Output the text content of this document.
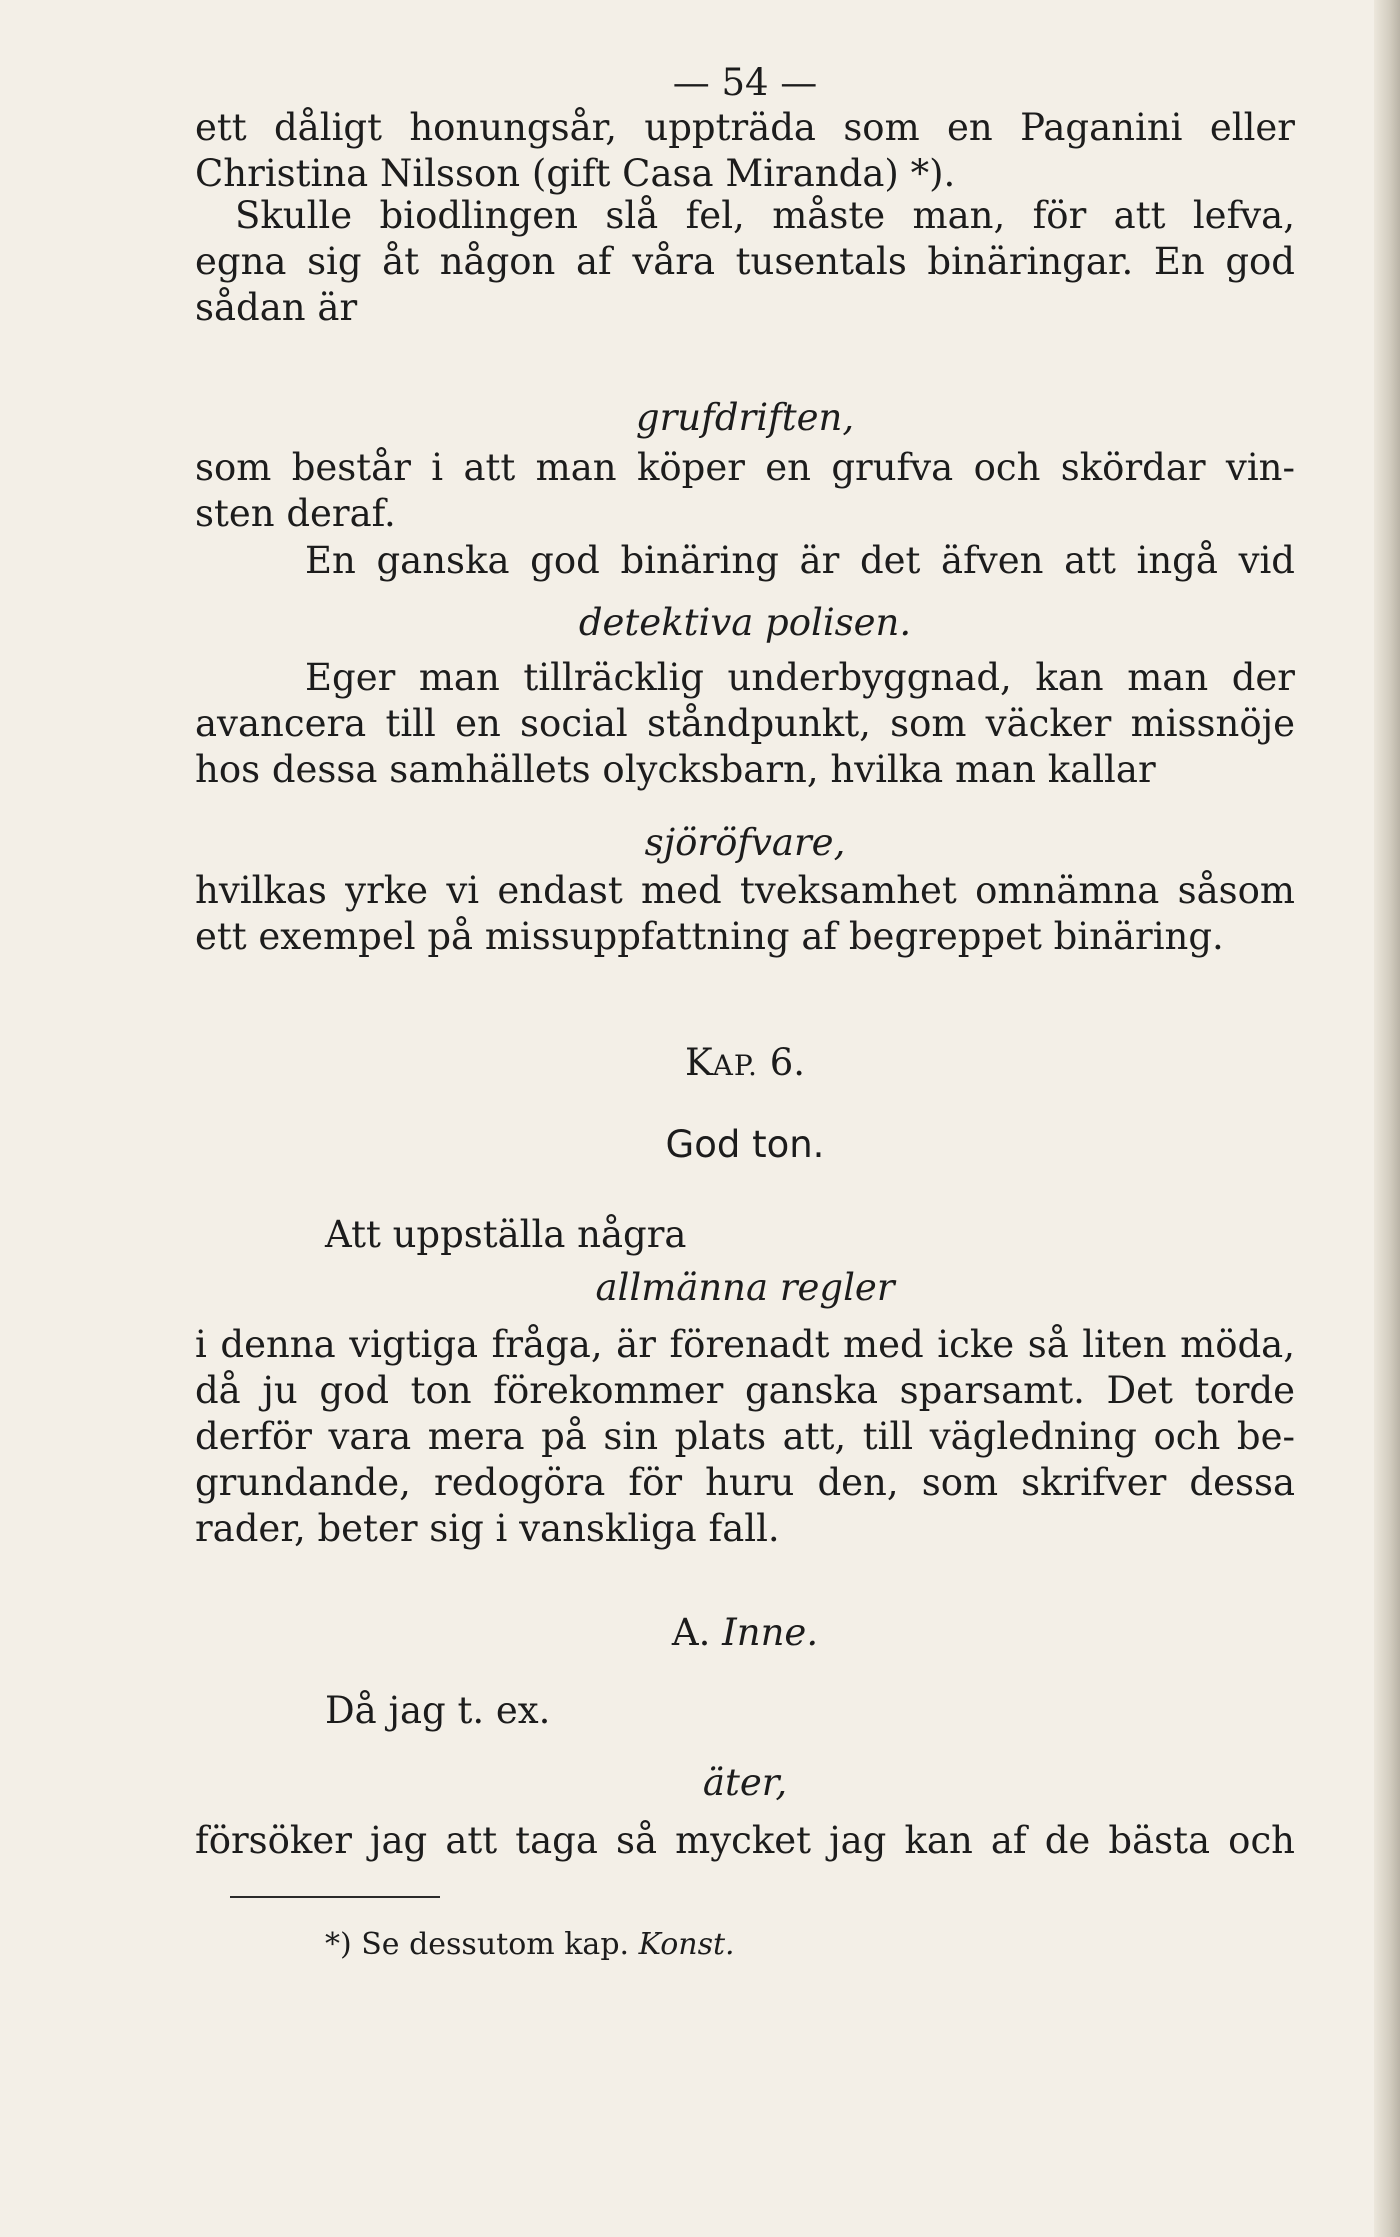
— 54 —
ett dåligt honungsår, uppträda som en Paganini eller
Christina Nilsson (gift Casa Miranda) *).
Skulle biodlingen slå fel, måste man, för att lefva,
egna sig åt någon af våra tusentals binäringar. En god
sådan är
grufdriften,
som består i att man köper en grufva och skördar vin-
sten deraf.
En ganska god binäring är det äfven att ingå vid
detektiva polisen.
Eger man tillräcklig underbyggnad, kan man der
avancera till en social ståndpunkt, som väcker missnöje
hos dessa samhällets olycksbarn, hvilka man kallar
sjöröfvare,
hvilkas yrke vi endast med tveksamhet omnämna såsom
ett exempel på missuppfattning af begreppet binäring.
KAP. 6.
God ton.
Att uppställa några
allmänna regler
i denna vigtiga fråga, är förenadt med icke så liten möda,
då ju god ton förekommer ganska sparsamt. Det torde
derför vara mera på sin plats att, till vägledning och be-
grundande, redogöra för huru den, som skrifver dessa
rader, beter sig i vanskliga fall.
A. Inne.
Då jag t. ex.
äter,
försöker jag att taga så mycket jag kan af de bästa och
*) Se dessutom kap. Konst.
